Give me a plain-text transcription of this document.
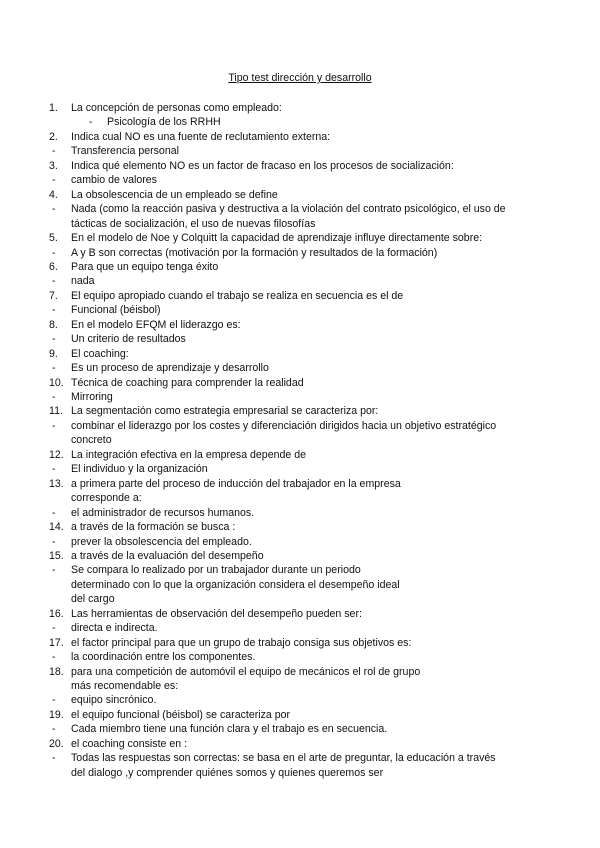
Tipo test dirección y desarrollo
1. La concepción de personas como empleado:
- Psicología de los RRHH
2. Indica cual NO es una fuente de reclutamiento externa:
- Transferencia personal
3. Indica qué elemento NO es un factor de fracaso en los procesos de socialización:
- cambio de valores
4. La obsolescencia de un empleado se define
- Nada (como la reacción pasiva y destructiva a la violación del contrato psicológico, el uso de
tácticas de socialización, el uso de nuevas filosofías
5. En el modelo de Noe y Colquitt la capacidad de aprendizaje influye directamente sobre:
- A y B son correctas (motivación por la formación y resultados de la formación)
6. Para que un equipo tenga éxito
- nada
7. El equipo apropiado cuando el trabajo se realiza en secuencia es el de
- Funcional (béisbol)
8. En el modelo EFQM el liderazgo es:
- Un criterio de resultados
9. El coaching:
- Es un proceso de aprendizaje y desarrollo
10. Técnica de coaching para comprender la realidad
- Mirroring
11. La segmentación como estrategia empresarial se caracteriza por:
- combinar el liderazgo por los costes y diferenciación dirigidos hacia un objetivo estratégico
concreto
12. La integración efectiva en la empresa depende de
- El individuo y la organización
13. a primera parte del proceso de inducción del trabajador en la empresa
corresponde a:
- el administrador de recursos humanos.
14. a través de la formación se busca :
- prever la obsolescencia del empleado.
15. a través de la evaluación del desempeño
- Se compara lo realizado por un trabajador durante un periodo
determinado con lo que la organización considera el desempeño ideal
del cargo
16. Las herramientas de observación del desempeño pueden ser:
- directa e indirecta.
17. el factor principal para que un grupo de trabajo consiga sus objetivos es:
- la coordinación entre los componentes.
18. para una competición de automóvil el equipo de mecánicos el rol de grupo
más recomendable es:
- equipo sincrónico.
19. el equipo funcional (béisbol) se caracteriza por
- Cada miembro tiene una función clara y el trabajo es en secuencia.
20. el coaching consiste en :
- Todas las respuestas son correctas: se basa en el arte de preguntar, la educación a través
del dialogo ,y comprender quiénes somos y quienes queremos ser
